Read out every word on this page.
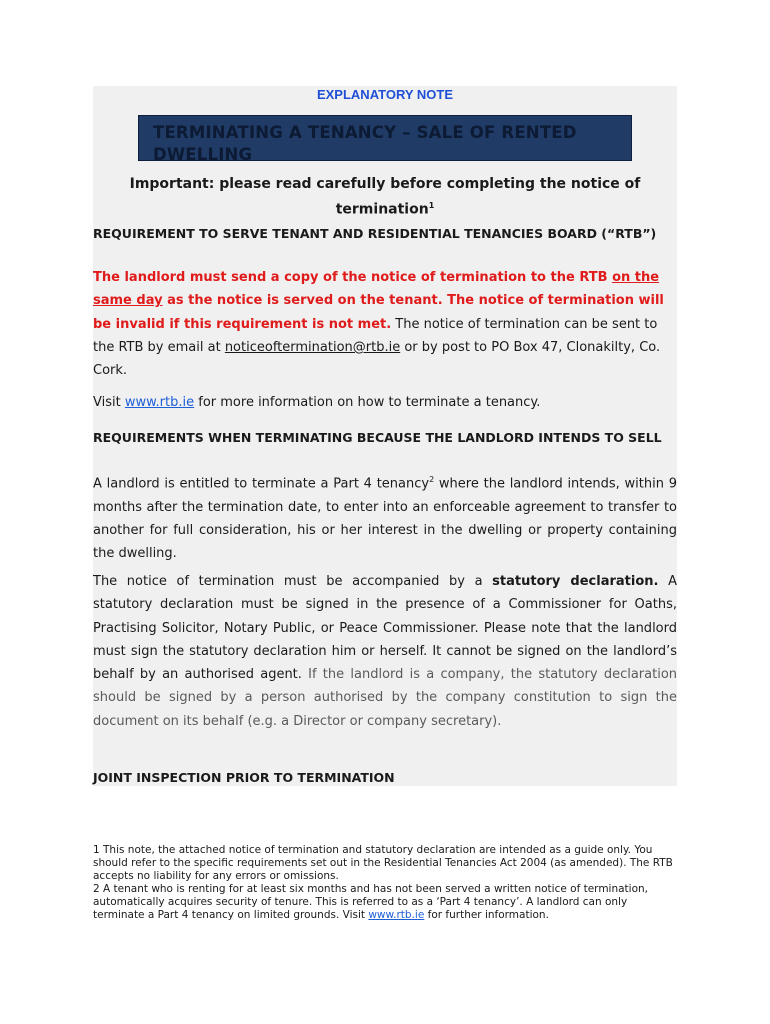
EXPLANATORY NOTE
TERMINATING A TENANCY – SALE OF RENTED DWELLING
Important: please read carefully before completing the notice of termination$^1$
REQUIREMENT TO SERVE TENANT AND RESIDENTIAL TENANCIES BOARD (“RTB”)
The landlord must send a copy of the notice of termination to the RTB on the same day as the notice is served on the tenant. The notice of termination will be invalid if this requirement is not met. The notice of termination can be sent to the RTB by email at noticeoftermination@rtb.ie or by post to PO Box 47, Clonakilty, Co. Cork.
Visit www.rtb.ie for more information on how to terminate a tenancy.
REQUIREMENTS WHEN TERMINATING BECAUSE THE LANDLORD INTENDS TO SELL
A landlord is entitled to terminate a Part 4 tenancy$^2$ where the landlord intends, within 9 months after the termination date, to enter into an enforceable agreement to transfer to another for full consideration, his or her interest in the dwelling or property containing the dwelling.
The notice of termination must be accompanied by a statutory declaration. A statutory declaration must be signed in the presence of a Commissioner for Oaths, Practising Solicitor, Notary Public, or Peace Commissioner. Please note that the landlord must sign the statutory declaration him or herself. It cannot be signed on the landlord’s behalf by an authorised agent. If the landlord is a company, the statutory declaration should be signed by a person authorised by the company constitution to sign the document on its behalf (e.g. a Director or company secretary).
JOINT INSPECTION PRIOR TO TERMINATION

1 This note, the attached notice of termination and statutory declaration are intended as a guide only. You should refer to the specific requirements set out in the Residential Tenancies Act 2004 (as amended). The RTB accepts no liability for any errors or omissions.

2 A tenant who is renting for at least six months and has not been served a written notice of termination, automatically acquires security of tenure. This is referred to as a ‘Part 4 tenancy’. A landlord can only terminate a Part 4 tenancy on limited grounds. Visit www.rtb.ie for further information.
